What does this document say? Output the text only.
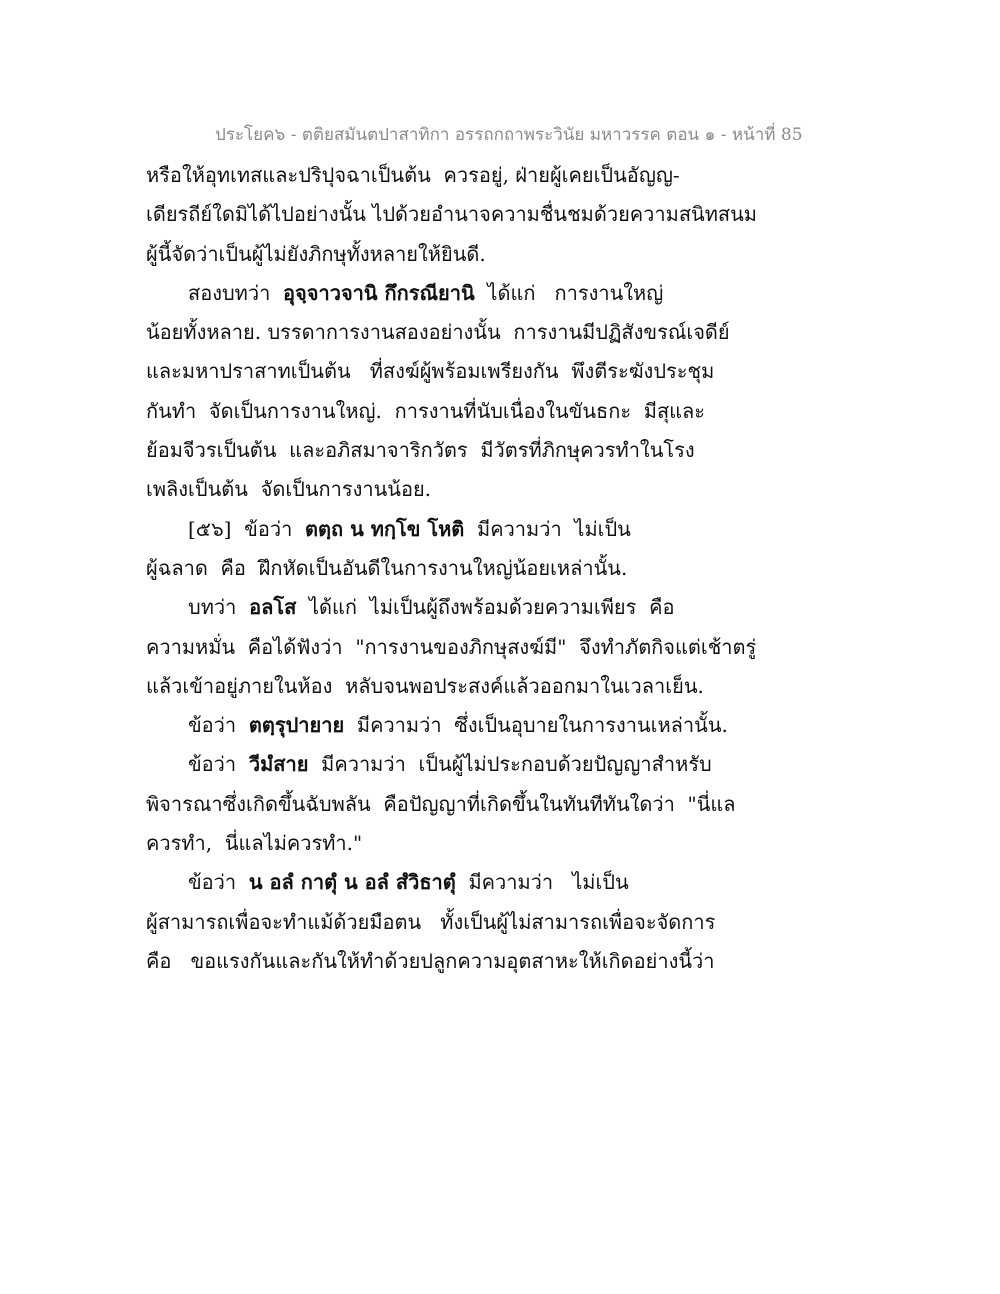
ประโยค๖ - ตติยสมันตปาสาทิกา อรรถกถาพระวินัย มหาวรรค ตอน ๑ - หน้าที่ 85
หรือให้อุทเทสและปริปุจฉาเป็นต้น  ควรอยู่, ฝ่ายผู้เคยเป็นอัญญ-
เดียรถีย์ใดมิได้ไปอย่างนั้น ไปด้วยอำนาจความชื่นชมด้วยความสนิทสนม
ผู้นี้จัดว่าเป็นผู้ไม่ยังภิกษุทั้งหลายให้ยินดี.
สองบทว่า  อุจฺจาวจานิ กึกรณียานิ  ได้แก่   การงานใหญ่
น้อยทั้งหลาย. บรรดาการงานสองอย่างนั้น  การงานมีปฏิสังขรณ์เจดีย์
และมหาปราสาทเป็นต้น   ที่สงฆ์ผู้พร้อมเพรียงกัน  พึงตีระฆังประชุม
กันทำ  จัดเป็นการงานใหญ่.  การงานที่นับเนื่องในขันธกะ  มีสุและ
ย้อมจีวรเป็นต้น  และอภิสมาจาริกวัตร  มีวัตรที่ภิกษุควรทำในโรง
เพลิงเป็นต้น  จัดเป็นการงานน้อย.
[๕๖]  ข้อว่า  ตตฺถ น ทกฺโข โหติ  มีความว่า  ไม่เป็น
ผู้ฉลาด  คือ  ฝึกหัดเป็นอันดีในการงานใหญ่น้อยเหล่านั้น.
บทว่า  อลโส  ได้แก่  ไม่เป็นผู้ถึงพร้อมด้วยความเพียร  คือ
ความหมั่น  คือได้ฟังว่า  "การงานของภิกษุสงฆ์มี"  จึงทำภัตกิจแต่เช้าตรู่
แล้วเข้าอยู่ภายในห้อง  หลับจนพอประสงค์แล้วออกมาในเวลาเย็น.
ข้อว่า  ตตฺรุปายาย  มีความว่า  ซึ่งเป็นอุบายในการงานเหล่านั้น.
ข้อว่า  วีมํสาย  มีความว่า  เป็นผู้ไม่ประกอบด้วยปัญญาสำหรับ
พิจารณาซึ่งเกิดขึ้นฉับพลัน  คือปัญญาที่เกิดขึ้นในทันทีทันใดว่า  "นี่แล
ควรทำ,  นี่แลไม่ควรทำ."
ข้อว่า  น อลํ กาตุํ น อลํ สํวิธาตุํ  มีความว่า   ไม่เป็น
ผู้สามารถเพื่อจะทำแม้ด้วยมือตน   ทั้งเป็นผู้ไม่สามารถเพื่อจะจัดการ
คือ   ขอแรงกันและกันให้ทำด้วยปลูกความอุตสาหะให้เกิดอย่างนี้ว่า
